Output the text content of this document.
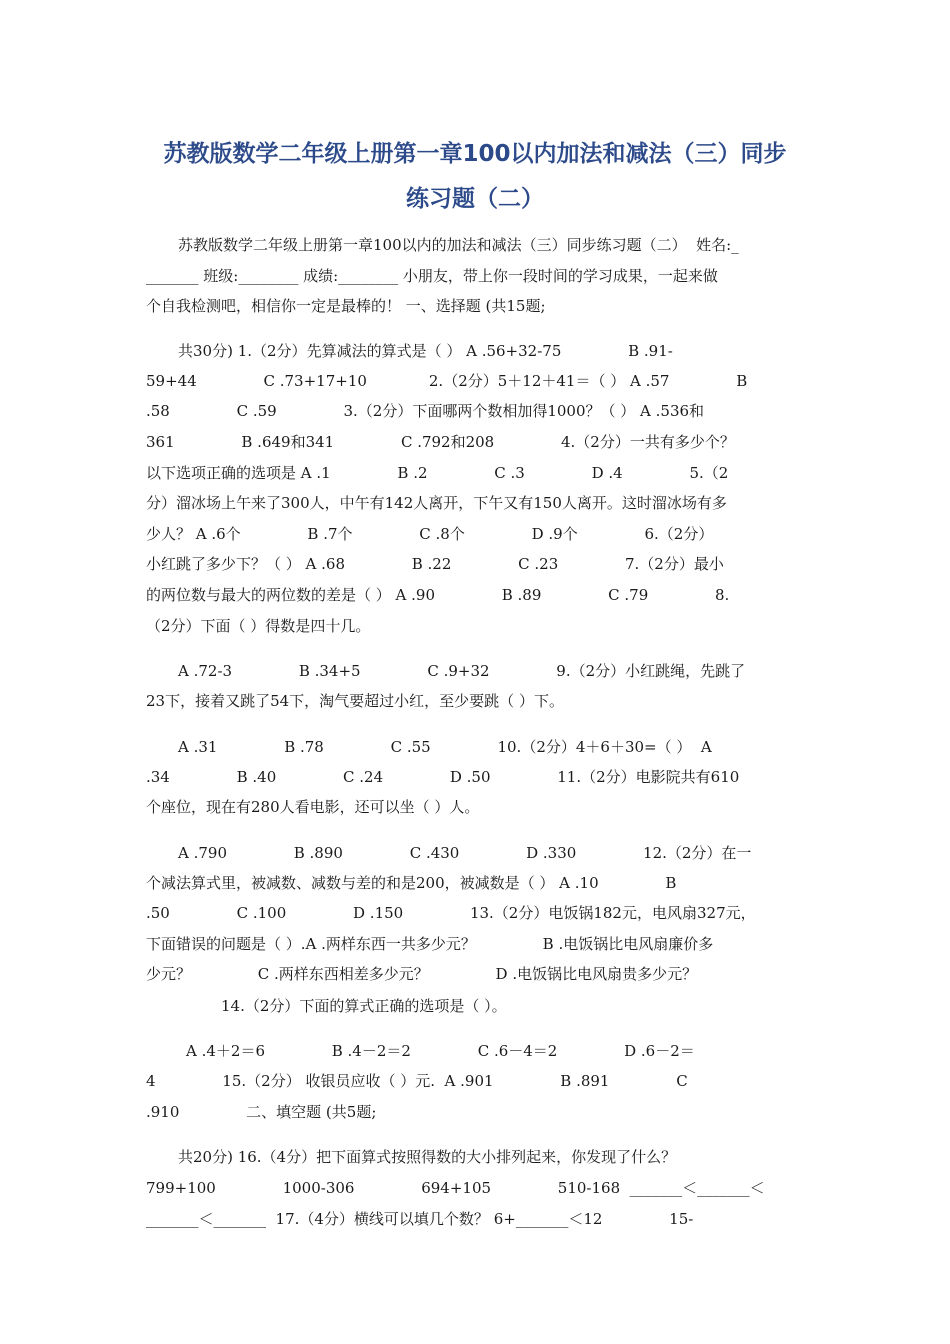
苏教版数学二年级上册第一章100以内加法和减法（三）同步
练习题（二）

苏教版数学二年级上册第一章100以内的加法和减法（三）同步练习题（二）  姓名:_

_______ 班级:________ 成绩:________ 小朋友，带上你一段时间的学习成果，一起来做

个自我检测吧，相信你一定是最棒的！ 一、选择题 (共15题;

共30分) 1.（2分）先算减法的算式是（ ） A .56+32-75              B .91-

59+44              C .73+17+10             2.（2分）5＋12＋41＝（ ） A .57              B

.58              C .59              3.（2分）下面哪两个数相加得1000？（ ） A .536和

361              B .649和341              C .792和208              4.（2分）一共有多少个？

以下选项正确的选项是 A .1              B .2              C .3              D .4              5.（2

分）溜冰场上午来了300人，中午有142人离开，下午又有150人离开。这时溜冰场有多

少人？ A .6个              B .7个              C .8个              D .9个              6.（2分）

小红跳了多少下？（ ） A .68              B .22              C .23              7.（2分）最小

的两位数与最大的两位数的差是（ ） A .90              B .89              C .79              8.

（2分）下面（ ）得数是四十几。

A .72-3              B .34+5              C .9+32              9.（2分）小红跳绳，先跳了

23下，接着又跳了54下，淘气要超过小红，至少要跳（ ）下。

A .31              B .78              C .55              10.（2分）4＋6＋30=（ ）  A

.34              B .40              C .24              D .50              11.（2分）电影院共有610

个座位，现在有280人看电影，还可以坐（ ）人。

A .790              B .890              C .430              D .330              12.（2分）在一

个减法算式里，被减数、减数与差的和是200，被减数是（ ） A .10              B

.50              C .100              D .150              13.（2分）电饭锅182元，电风扇327元，

下面错误的问题是（ ）.A .两样东西一共多少元？              B .电饭锅比电风扇廉价多

少元？              C .两样东西相差多少元？              D .电饭锅比电风扇贵多少元？

14.（2分）下面的算式正确的选项是（ ）。

A .4＋2＝6              B .4－2＝2              C .6－4＝2              D .6－2＝

4              15.（2分） 收银员应收（ ）元.  A .901              B .891              C

.910              二、填空题 (共5题;

共20分) 16.（4分）把下面算式按照得数的大小排列起来，你发现了什么？

799+100              1000-306              694+105              510-168  _______＜_______＜

_______＜_______  17.（4分）横线可以填几个数？ 6+_______＜12              15-
